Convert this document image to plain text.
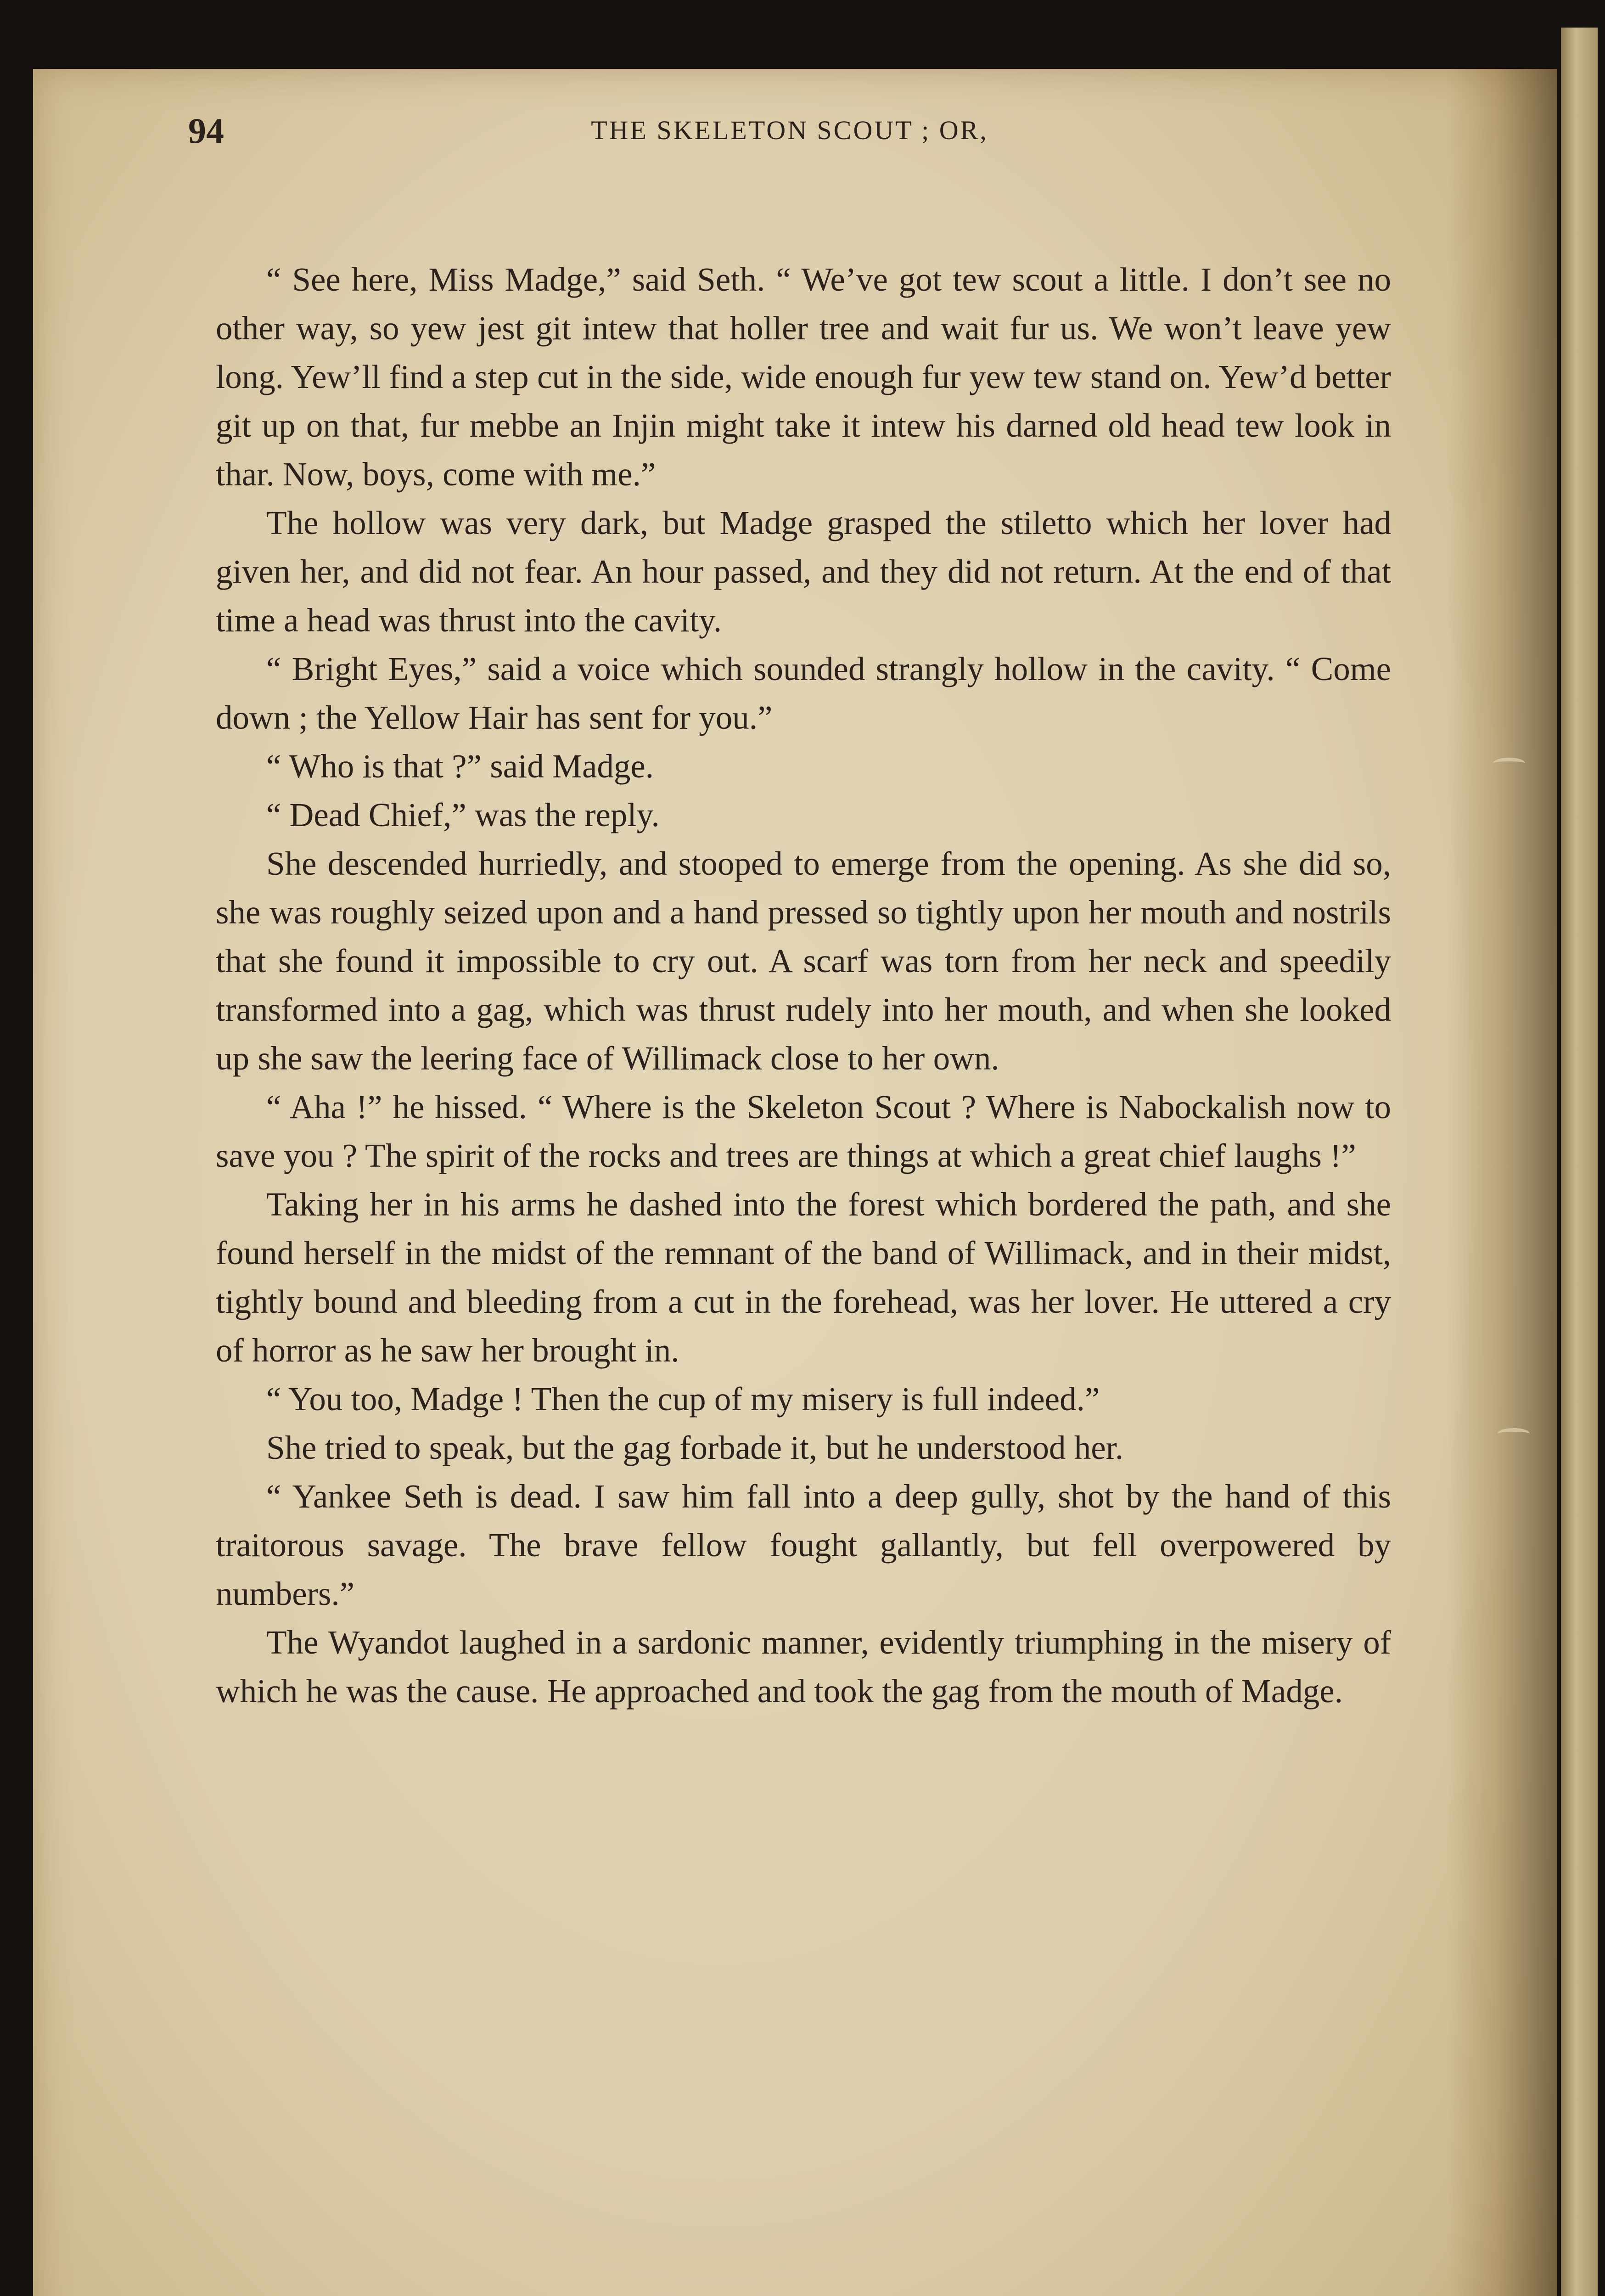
94	THE SKELETON SCOUT ; OR,

“ See here, Miss Madge,” said Seth. “ We’ve got tew scout a little. I don’t see no other way, so yew jest git intew that holler tree and wait fur us. We won’t leave yew long. Yew’ll find a step cut in the side, wide enough fur yew tew stand on. Yew’d better git up on that, fur mebbe an Injin might take it intew his darned old head tew look in thar. Now, boys, come with me.”

The hollow was very dark, but Madge grasped the stiletto which her lover had given her, and did not fear. An hour passed, and they did not return. At the end of that time a head was thrust into the cavity.

“ Bright Eyes,” said a voice which sounded strangly hollow in the cavity. “ Come down ; the Yellow Hair has sent for you.”

“ Who is that ?” said Madge.

“ Dead Chief,” was the reply.

She descended hurriedly, and stooped to emerge from the opening. As she did so, she was roughly seized upon and a hand pressed so tightly upon her mouth and nostrils that she found it impossible to cry out. A scarf was torn from her neck and speedily transformed into a gag, which was thrust rudely into her mouth, and when she looked up she saw the leering face of Willimack close to her own.

“ Aha !” he hissed. “ Where is the Skeleton Scout ? Where is Nabockalish now to save you ? The spirit of the rocks and trees are things at which a great chief laughs !”

Taking her in his arms he dashed into the forest which bordered the path, and she found herself in the midst of the remnant of the band of Willimack, and in their midst, tightly bound and bleeding from a cut in the forehead, was her lover. He uttered a cry of horror as he saw her brought in.

“ You too, Madge ! Then the cup of my misery is full indeed.”

She tried to speak, but the gag forbade it, but he understood her.

“ Yankee Seth is dead. I saw him fall into a deep gully, shot by the hand of this traitorous savage. The brave fellow fought gallantly, but fell overpowered by numbers.”

The Wyandot laughed in a sardonic manner, evidently triumphing in the misery of which he was the cause. He approached and took the gag from the mouth of Madge.
